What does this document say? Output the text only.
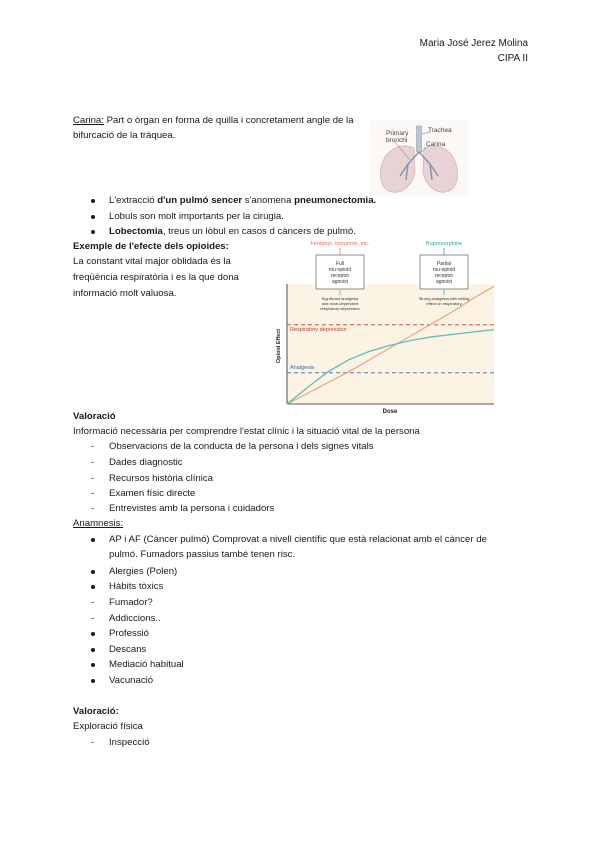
Maria José Jerez Molina
CIPA II
Carina: Part o òrgan en forma de quilla i concretament angle de la
bifurcació de la tràquea.	Trachea
Primary
bronchi
Carina
L'extracció d'un pulmó sencer s'anomena pneumonectomia.
Lobuls son molt importants per la cirugia.
Lobectomia, treus un lòbul en casos d càncers de pulmó.
Exemple de l'efecte dels opioides:
La constant vital major oblidada és la
freqüència respiratòria i es la que dona
informació molt valuosa.
Respiratory depression
Analgesia
Dose
Opioid Effect
Fentanyl, morphine, etc.	Buprenorphine
Full mu-opioid receptor agonist
Partial mu-opioid receptor agonist
Significant analgesia and dose-dependent respiratory depression
Strong analgesia with ceiling effect on respiratory
Valoració
Informació necessària per comprendre l'estat clínic i la situació vital de la persona
- Observacions de la conducta de la persona i dels signes vitals
- Dades diagnostic
- Recursos història clínica
- Examen físic directe
- Entrevistes amb la persona i cuidadors
Anamnesis:
AP i AF (Càncer pulmó) Comprovat a nivell científic que està relacionat amb el càncer de
pulmó. Fumadors passius també tenen risc.
Alergies (Polen)
Hàbits tòxics
- Fumador?
- Addiccions..
Professió
Descans
Mediació habitual
Vacunació
Valoració:
Exploració física
- Inspecció
